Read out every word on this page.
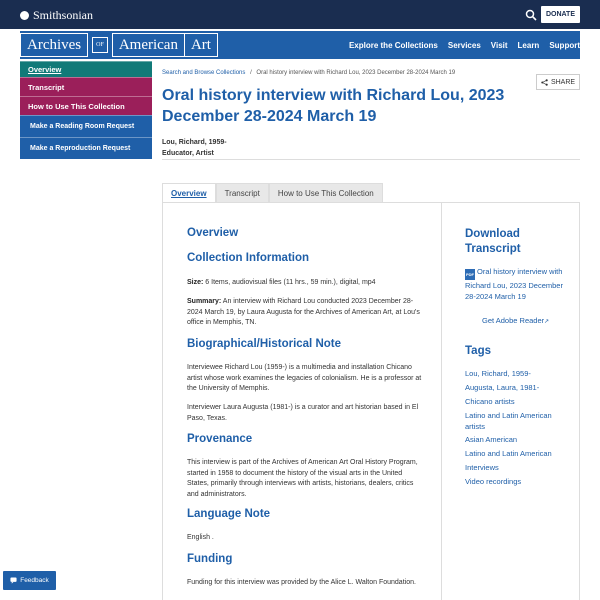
Smithsonian	DONATE
Archives	OF	American Art	Explore the Collections Services Visit Learn Support
Overview
Transcript
How to Use This Collection
Make a Reading Room Request
Make a Reproduction Request
Search and Browse Collections / Oral history interview with Richard Lou, 2023 December 28-2024 March 19
SHARE
Oral history interview with Richard Lou, 2023 December 28-2024 March 19
Lou, Richard, 1959-
Educator, Artist
Overview	Transcript	How to Use This Collection
Overview
Collection Information
Size: 6 Items, audiovisual files (11 hrs., 59 min.), digital, mp4
Summary: An interview with Richard Lou conducted 2023 December 28-2024 March 19, by Laura Augusta for the Archives of American Art, at Lou's office in Memphis, TN.
Biographical/Historical Note
Interviewee Richard Lou (1959-) is a multimedia and installation Chicano artist whose work examines the legacies of colonialism. He is a professor at the University of Memphis.
Interviewer Laura Augusta (1981-) is a curator and art historian based in El Paso, Texas.
Provenance
This interview is part of the Archives of American Art Oral History Program, started in 1958 to document the history of the visual arts in the United States, primarily through interviews with artists, historians, dealers, critics and administrators.
Language Note
English .
Funding
Funding for this interview was provided by the Alice L. Walton Foundation.
Download Transcript
PDF Oral history interview with Richard Lou, 2023 December 28-2024 March 19
Get Adobe Reader↗
Tags
Lou, Richard, 1959-
Augusta, Laura, 1981-
Chicano artists
Latino and Latin American artists
Asian American
Latino and Latin American
Interviews
Video recordings
Feedback
